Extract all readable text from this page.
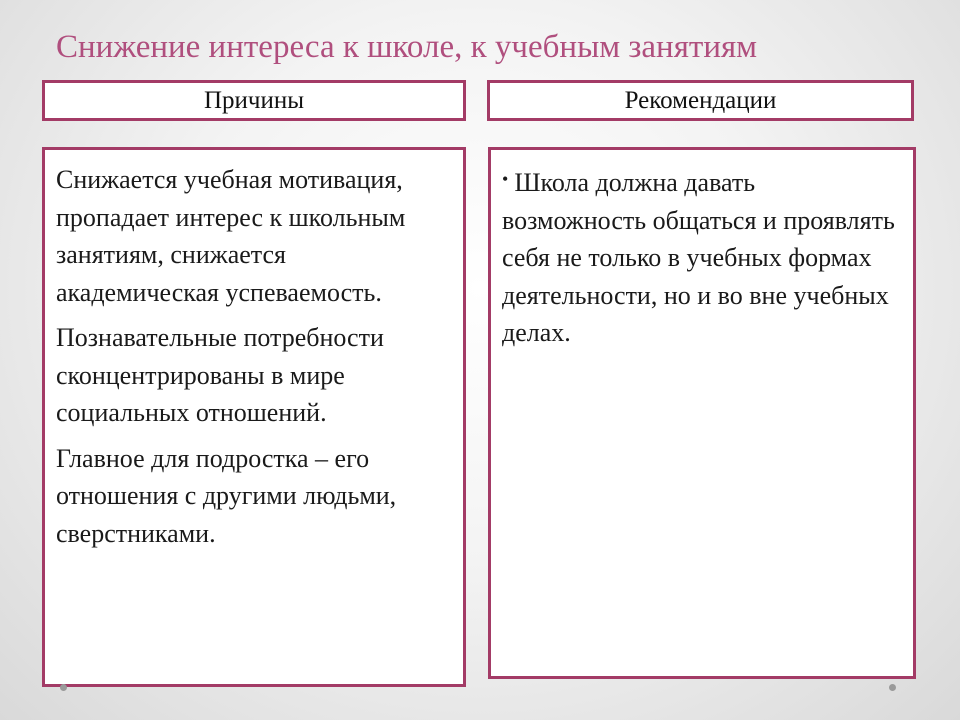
Снижение интереса к школе, к учебным занятиям
Причины	Рекомендации

Снижается учебная мотивация, пропадает интерес к школьным занятиям, снижается академическая успеваемость.

Познавательные потребности сконцентрированы в мире социальных отношений.

Главное для подростка – его отношения с другими людьми, сверстниками.

• Школа должна давать возможность общаться и проявлять себя не только в учебных формах деятельности, но и во вне учебных делах.
